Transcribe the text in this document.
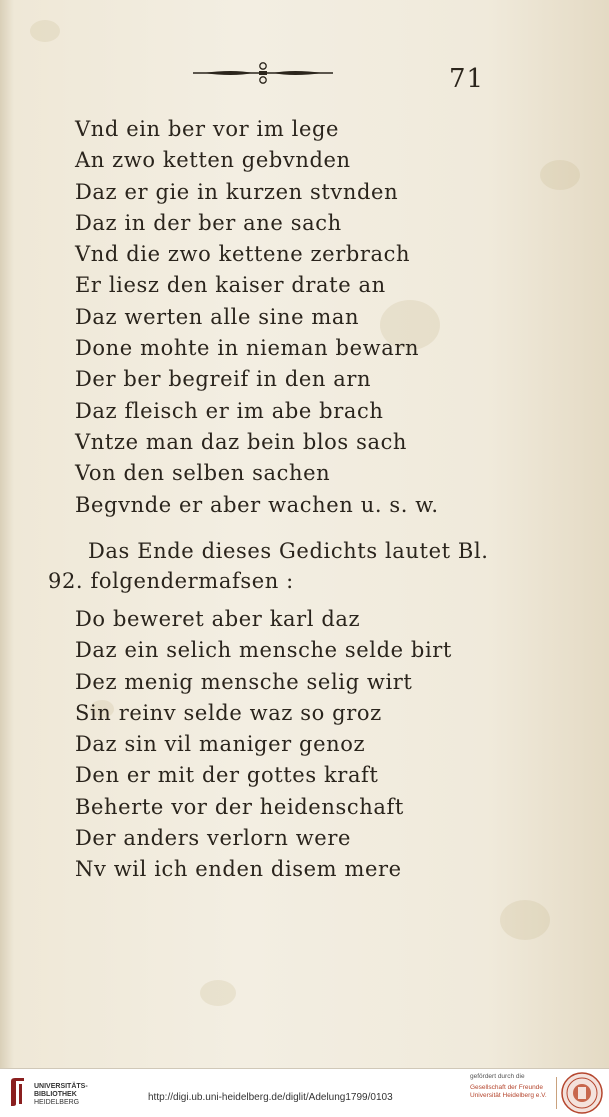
71
Vnd ein ber vor im lege
An zwo ketten gebvnden
Daz er gie in kurzen stvnden
Daz in der ber ane sach
Vnd die zwo kettene zerbrach
Er liesz den kaiser drate an
Daz werten alle sine man
Done mohte in nieman bewarn
Der ber begreif in den arn
Daz fleisch er im abe brach
Vntze man daz bein blos sach
Von den selben sachen
Begvnde er aber wachen u. s. w.
Das Ende dieses Gedichts lautet Bl.
92. folgendermafsen :
Do beweret aber karl daz
Daz ein selich mensche selde birt
Dez menig mensche selig wirt
Sin reinv selde waz so groz
Daz sin vil maniger genoz
Den er mit der gottes kraft
Beherte vor der heidenschaft
Der anders verlorn were
Nv wil ich enden disem mere
UNIVERSITÄTS-
BIBLIOTHEK
HEIDELBERG	http://digi.ub.uni-heidelberg.de/diglit/Adelung1799/0103
gefördert durch die
Gesellschaft der Freunde
Universität Heidelberg e.V.
